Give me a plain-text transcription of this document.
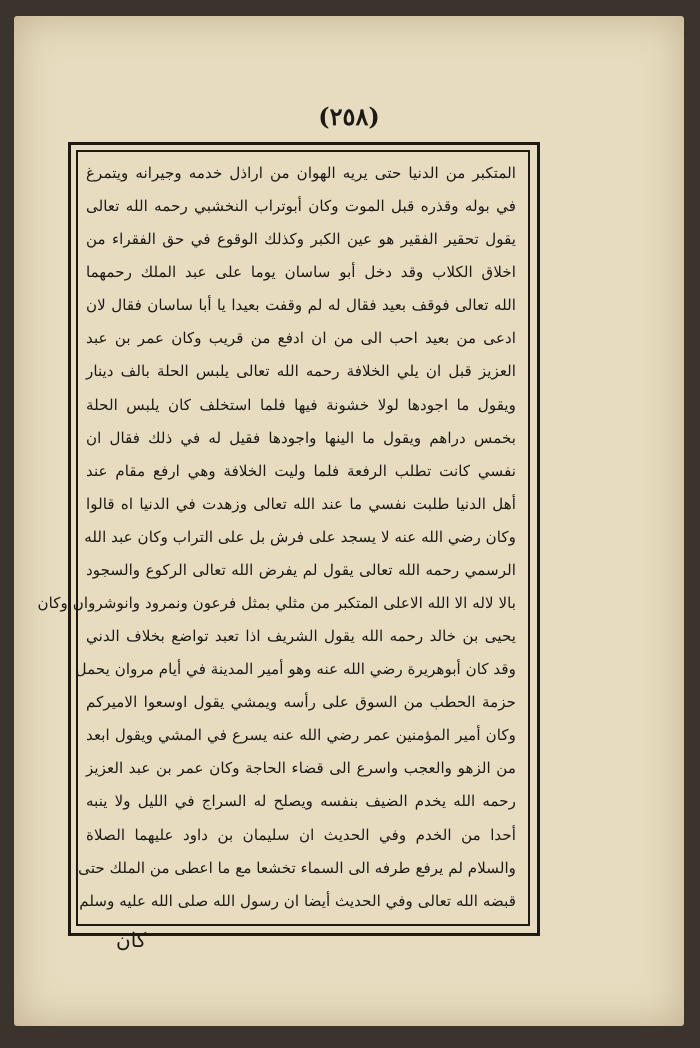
(٢٥٨)
المتكبر من الدنيا حتى يريه الهوان من اراذل خدمه وجيرانه ويتمرغ
في بوله وقذره قبل الموت وكان أبوتراب النخشبي رحمه الله تعالى
يقول تحقير الفقير هو عين الكبر وكذلك الوقوع في حق الفقراء من
اخلاق الكلاب وقد دخل أبو ساسان يوما على عبد الملك رحمهما
الله تعالى فوقف بعيد فقال له لم وقفت بعيدا يا أبا ساسان فقال لان
ادعى من بعيد احب الى من ان ادفع من قريب وكان عمر بن عبد
العزيز قبل ان يلي الخلافة رحمه الله تعالى يلبس الحلة بالف دينار
ويقول ما اجودها لولا خشونة فيها فلما استخلف كان يلبس الحلة
بخمس دراهم ويقول ما الينها واجودها فقيل له في ذلك فقال ان
نفسي كانت تطلب الرفعة فلما وليت الخلافة وهي ارفع مقام عند
أهل الدنيا طلبت نفسي ما عند الله تعالى وزهدت في الدنيا اه قالوا
وكان رضي الله عنه لا يسجد على فرش بل على التراب وكان عبد الله
الرسمي رحمه الله تعالى يقول لم يفرض الله تعالى الركوع والسجود
بالا لاله الا الله الاعلى المتكبر من مثلي بمثل فرعون ونمرود وانوشروان وكان
يحيى بن خالد رحمه الله يقول الشريف اذا تعبد تواضع بخلاف الدني
وقد كان أبوهريرة رضي الله عنه وهو أمير المدينة في أيام مروان يحمل
حزمة الحطب من السوق على رأسه ويمشي يقول اوسعوا الاميركم
وكان أمير المؤمنين عمر رضي الله عنه يسرع في المشي ويقول ابعد
من الزهو والعجب واسرع الى قضاء الحاجة وكان عمر بن عبد العزيز
رحمه الله يخدم الضيف بنفسه ويصلح له السراج في الليل ولا ينبه
أحدا من الخدم وفي الحديث ان سليمان بن داود عليهما الصلاة
والسلام لم يرفع طرفه الى السماء تخشعا مع ما اعطى من الملك حتى
قبضه الله تعالى وفي الحديث أيضا ان رسول الله صلى الله عليه وسلم
كان
